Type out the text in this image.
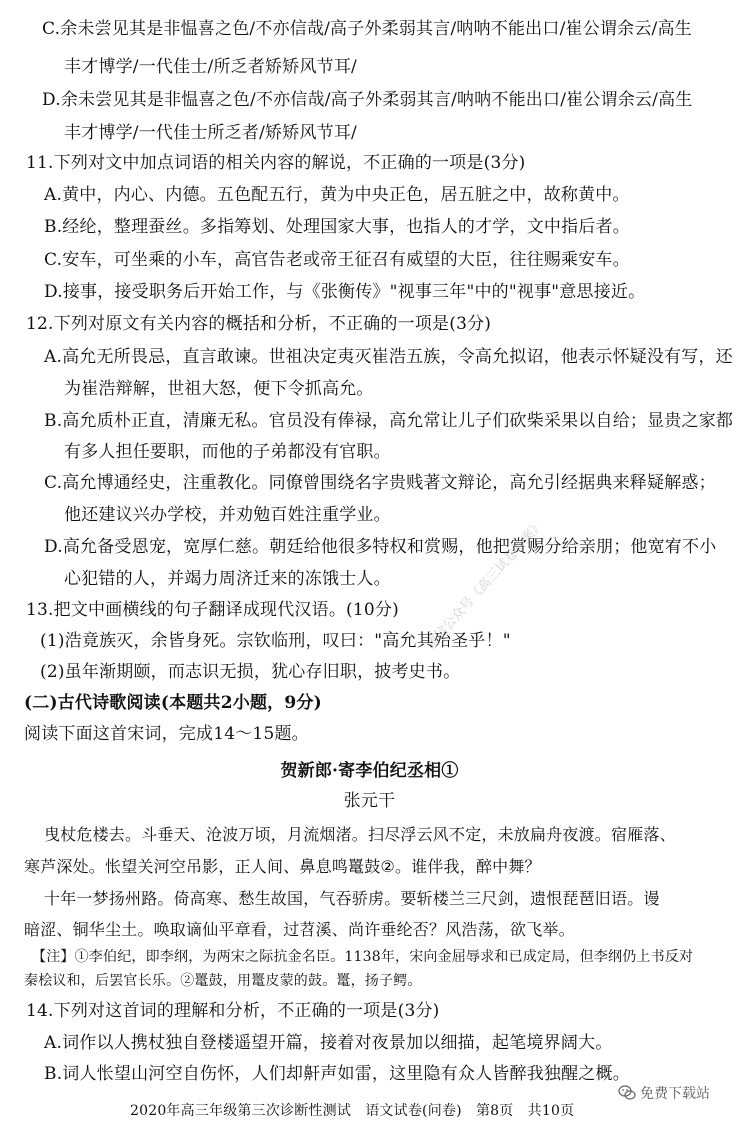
C.余未尝见其是非愠喜之色/不亦信哉/高子外柔弱其言/呐呐不能出口/崔公谓余云/高生
丰才博学/一代佳士/所乏者矫矫风节耳/
D.余未尝见其是非愠喜之色/不亦信哉/高子外柔弱其言/呐呐不能出口/崔公谓余云/高生
丰才博学/一代佳士所乏者/矫矫风节耳/
11.下列对文中加点词语的相关内容的解说，不正确的一项是(3分)
A.黄中，内心、内德。五色配五行，黄为中央正色，居五脏之中，故称黄中。
B.经纶，整理蚕丝。多指筹划、处理国家大事，也指人的才学，文中指后者。
C.安车，可坐乘的小车，高官告老或帝王征召有威望的大臣，往往赐乘安车。
D.接事，接受职务后开始工作，与《张衡传》"视事三年"中的"视事"意思接近。
12.下列对原文有关内容的概括和分析，不正确的一项是(3分)
A.高允无所畏忌，直言敢谏。世祖决定夷灭崔浩五族，令高允拟诏，他表示怀疑没有写，还
为崔浩辩解，世祖大怒，便下令抓高允。
B.高允质朴正直，清廉无私。官员没有俸禄，高允常让儿子们砍柴采果以自给；显贵之家都
有多人担任要职，而他的子弟都没有官职。
C.高允博通经史，注重教化。同僚曾围绕名字贵贱著文辩论，高允引经据典来释疑解惑；
他还建议兴办学校，并劝勉百姓注重学业。
D.高允备受恩宠，宽厚仁慈。朝廷给他很多特权和赏赐，他把赏赐分给亲朋；他宽宥不小
心犯错的人，并竭力周济迁来的冻饿士人。
13.把文中画横线的句子翻译成现代汉语。(10分)
(1)浩竟族灭，余皆身死。宗钦临刑，叹曰："高允其殆圣乎！"
(2)虽年渐期颐，而志识无损，犹心存旧职，披考史书。
(二)古代诗歌阅读(本题共2小题，9分)
阅读下面这首宋词，完成14～15题。
贺新郎·寄李伯纪丞相①
张元干
曳杖危楼去。斗垂天、沧波万顷，月流烟渚。扫尽浮云风不定，未放扁舟夜渡。宿雁落、
寒芦深处。怅望关河空吊影，正人间、鼻息鸣鼍鼓②。谁伴我，醉中舞？
十年一梦扬州路。倚高寒、愁生故国，气吞骄虏。要斩楼兰三尺剑，遗恨琵琶旧语。谩
暗涩、铜华尘土。唤取谪仙平章看，过苕溪、尚许垂纶否？风浩荡，欲飞举。
【注】①李伯纪，即李纲，为两宋之际抗金名臣。1138年，宋向金屈辱求和已成定局，但李纲仍上书反对
秦桧议和，后罢官长乐。②鼍鼓，用鼍皮蒙的鼓。鼍，扬子鳄。
14.下列对这首词的理解和分析，不正确的一项是(3分)
A.词作以人携杖独自登楼遥望开篇，接着对夜景加以细描，起笔境界阔大。
B.词人怅望山河空自伤怀，人们却鼾声如雷，这里隐有众人皆醉我独醒之概。
2020年高三年级第三次诊断性测试　语文试卷(问卷)　第8页　共10页
微信公众号《高三试卷答案》
免费下载站
